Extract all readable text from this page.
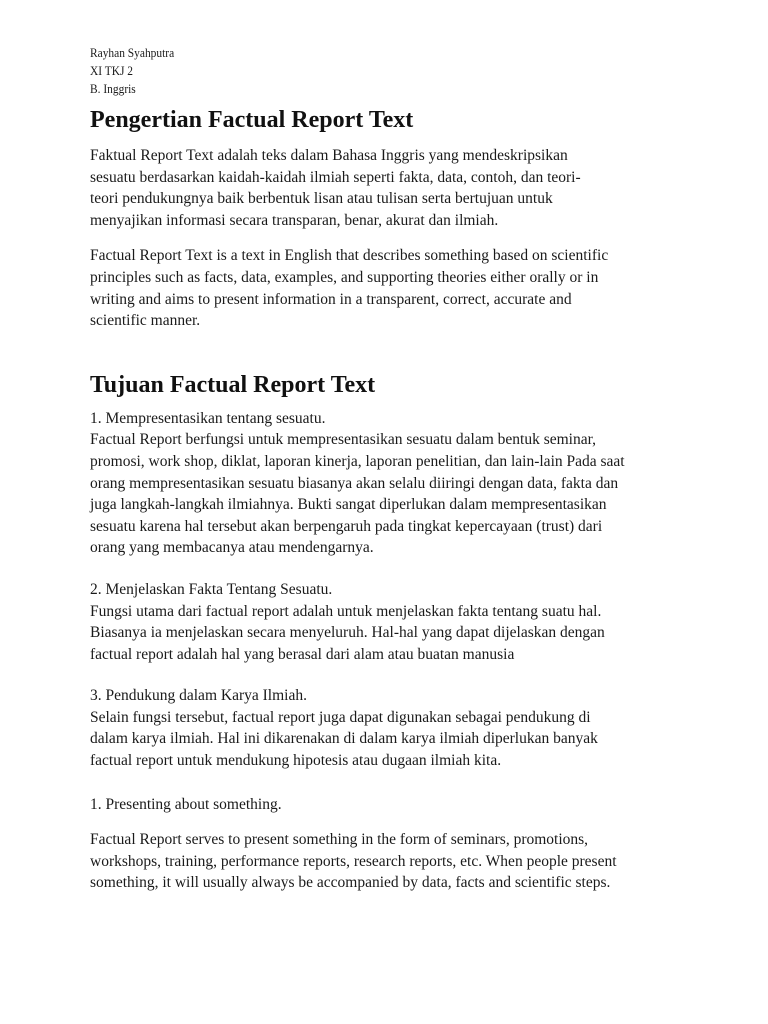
Rayhan Syahputra

XI TKJ 2

B. Inggris

Pengertian Factual Report Text

Faktual Report Text adalah teks dalam Bahasa Inggris yang mendeskripsikan
sesuatu berdasarkan kaidah-kaidah ilmiah seperti fakta, data, contoh, dan teori-
teori pendukungnya baik berbentuk lisan atau tulisan serta bertujuan untuk
menyajikan informasi secara transparan, benar, akurat dan ilmiah.

Factual Report Text is a text in English that describes something based on scientific
principles such as facts, data, examples, and supporting theories either orally or in
writing and aims to present information in a transparent, correct, accurate and
scientific manner.

Tujuan Factual Report Text

1. Mempresentasikan tentang sesuatu.
Factual Report berfungsi untuk mempresentasikan sesuatu dalam bentuk seminar,
promosi, work shop, diklat, laporan kinerja, laporan penelitian, dan lain-lain Pada saat
orang mempresentasikan sesuatu biasanya akan selalu diiringi dengan data, fakta dan
juga langkah-langkah ilmiahnya. Bukti sangat diperlukan dalam mempresentasikan
sesuatu karena hal tersebut akan berpengaruh pada tingkat kepercayaan (trust) dari
orang yang membacanya atau mendengarnya.

2. Menjelaskan Fakta Tentang Sesuatu.
Fungsi utama dari factual report adalah untuk menjelaskan fakta tentang suatu hal.
Biasanya ia menjelaskan secara menyeluruh. Hal-hal yang dapat dijelaskan dengan
factual report adalah hal yang berasal dari alam atau buatan manusia

3. Pendukung dalam Karya Ilmiah.
Selain fungsi tersebut, factual report juga dapat digunakan sebagai pendukung di
dalam karya ilmiah. Hal ini dikarenakan di dalam karya ilmiah diperlukan banyak
factual report untuk mendukung hipotesis atau dugaan ilmiah kita.

1. Presenting about something.

Factual Report serves to present something in the form of seminars, promotions,
workshops, training, performance reports, research reports, etc. When people present
something, it will usually always be accompanied by data, facts and scientific steps.
